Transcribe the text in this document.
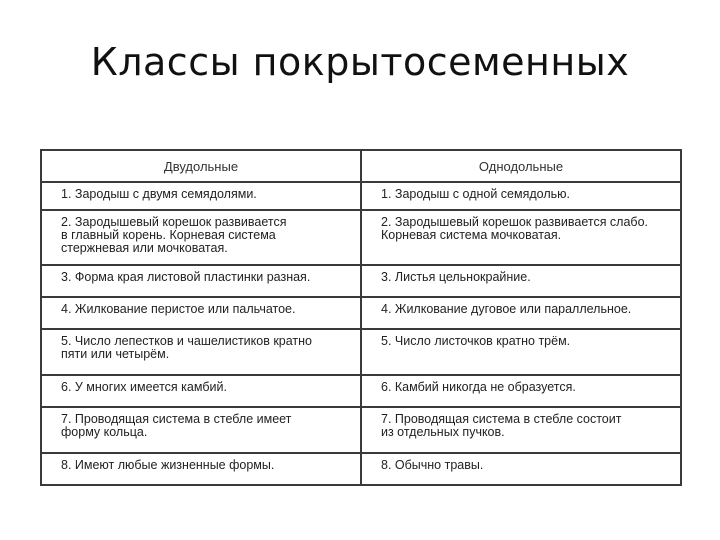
Классы покрытосеменных
Двудольные	Однодольные
1. Зародыш с двумя семядолями.	1. Зародыш с одной семядолью.
2. Зародышевый корешок развивается
в главный корень. Корневая система
стержневая или мочковатая.	2. Зародышевый корешок развивается слабо.
Корневая система мочковатая.
3. Форма края листовой пластинки разная.	3. Листья цельнокрайние.
4. Жилкование перистое или пальчатое.	4. Жилкование дуговое или параллельное.
5. Число лепестков и чашелистиков кратно
пяти или четырём.	5. Число листочков кратно трём.
6. У многих имеется камбий.	6. Камбий никогда не образуется.
7. Проводящая система в стебле имеет
форму кольца.	7. Проводящая система в стебле состоит
из отдельных пучков.
8. Имеют любые жизненные формы.	8. Обычно травы.
